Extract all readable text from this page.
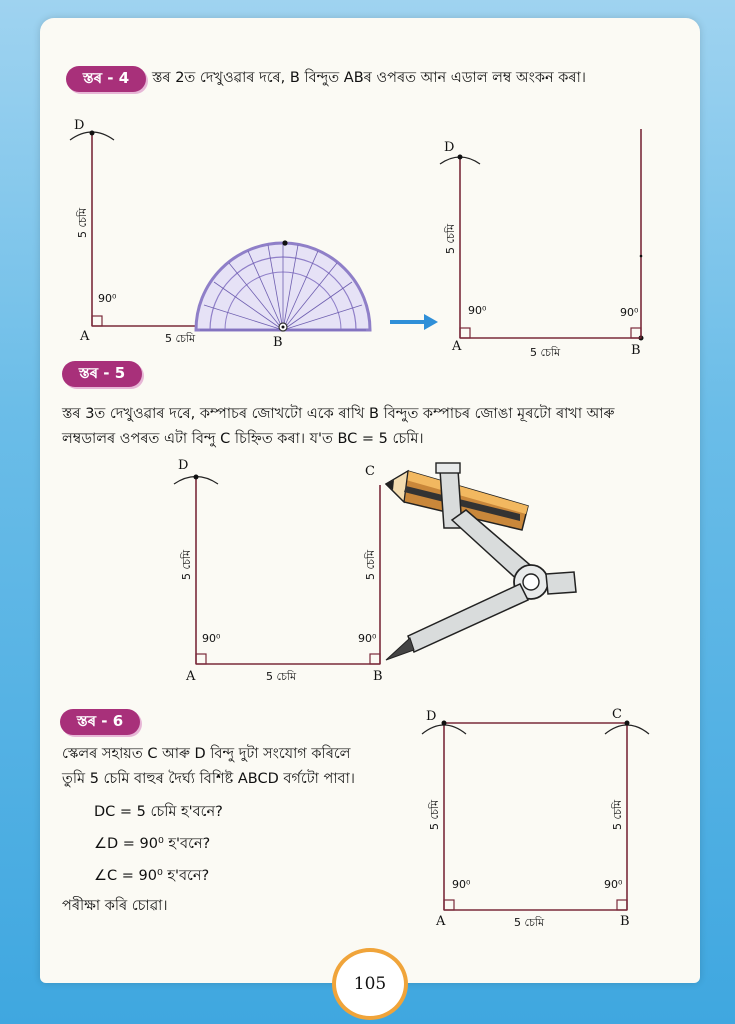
স্তৰ - 4	স্তৰ 2ত দেখুওৱাৰ দৰে, B বিন্দুত ABৰ ওপৰত আন এডাল লম্ব অংকন কৰা।
D
A	B
90⁰
5 চেমি
5 চেমি
D
A	B
90⁰	90⁰
5 চেমি
5 চেমি
স্তৰ - 5
স্তৰ 3ত দেখুওৱাৰ দৰে, কম্পাচৰ জোখটো একে ৰাখি B বিন্দুত কম্পাচৰ জোঙা মূৰটো ৰাখা আৰু
লম্বডালৰ ওপৰত এটা বিন্দু C চিহ্নিত কৰা। য'ত BC = 5 চেমি।
D	C
A	B
90⁰	90⁰
5 চেমি
5 চেমি	5 চেমি
স্তৰ - 6
স্কেলৰ সহায়ত C আৰু D বিন্দু দুটা সংযোগ কৰিলে
তুমি 5 চেমি বাহুৰ দৈৰ্ঘ্য বিশিষ্ট ABCD বৰ্গটো পাবা।
DC = 5 চেমি হ'বনে?
∠D = 90⁰ হ'বনে?
∠C = 90⁰ হ'বনে?
পৰীক্ষা কৰি চোৱা।
D	C
A	B
90⁰	90⁰
5 চেমি
5 চেমি	5 চেমি
105
